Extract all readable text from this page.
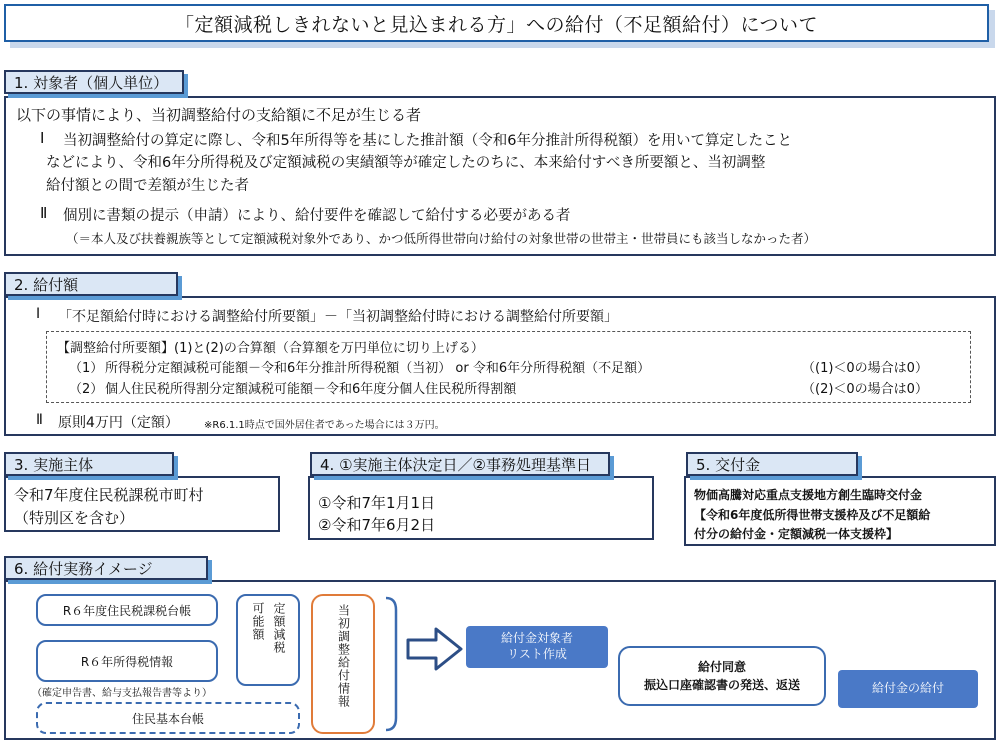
「定額減税しきれないと見込まれる方」への給付（不足額給付）について
以下の事情により、当初調整給付の支給額に不足が生じる者
Ⅰ 当初調整給付の算定に際し、令和5年所得等を基にした推計額（令和6年分推計所得税額）を用いて算定したこと
などにより、令和6年分所得税及び定額減税の実績額等が確定したのちに、本来給付すべき所要額と、当初調整
給付額との間で差額が生じた者
Ⅱ 個別に書類の提示（申請）により、給付要件を確認して給付する必要がある者
（＝本人及び扶養親族等として定額減税対象外であり、かつ低所得世帯向け給付の対象世帯の世帯主・世帯員にも該当しなかった者）
1. 対象者（個人単位）
Ⅰ 「不足額給付時における調整給付所要額」－「当初調整給付時における調整給付所要額」
【調整給付所要額】(1)と(2)の合算額（合算額を万円単位に切り上げる）
（1） 所得税分定額減税可能額－令和6年分推計所得税額（当初） or 令和6年分所得税額（不足額）	（(1)＜0の場合は0）
（2） 個人住民税所得割分定額減税可能額－令和6年度分個人住民税所得割額	（(2)＜0の場合は0）
Ⅱ 原則4万円（定額）	※R6.1.1時点で国外居住者であった場合には３万円。
2. 給付額
令和7年度住民税課税市町村
（特別区を含む）
3. 実施主体
①令和7年1月1日
②令和7年6月2日
4. ①実施主体決定日／②事務処理基準日
物価高騰対応重点支援地方創生臨時交付金
【令和6年度低所得世帯支援枠及び不足額給
付分の給付金・定額減税一体支援枠】
5. 交付金
R６年度住民税課税台帳
R６年所得税情報
（確定申告書、給与支払報告書等より）
住民基本台帳
可能額 定額減税	当初調整給付情報	給付金対象者
リスト作成
給付同意
振込口座確認書の発送、返送	給付金の給付
6. 給付実務イメージ
